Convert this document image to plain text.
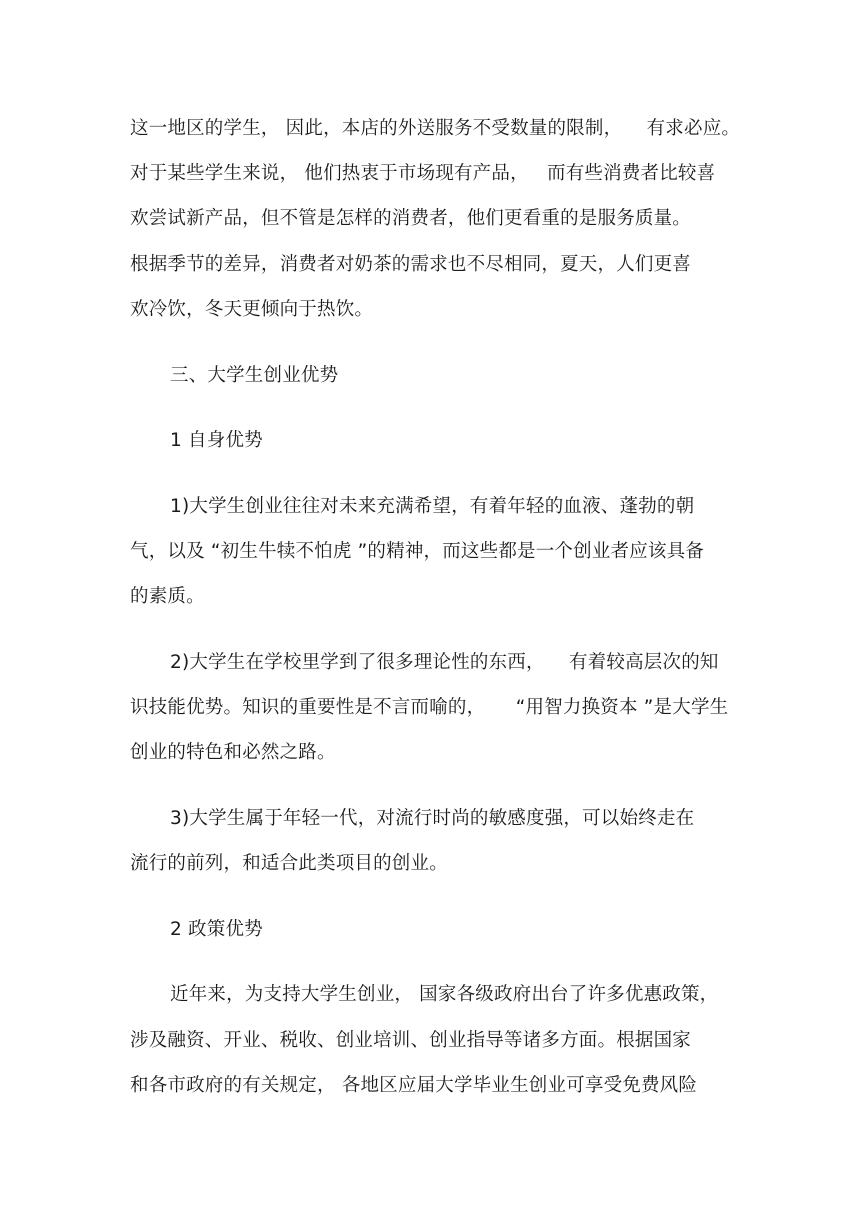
这一地区的学生， 因此，本店的外送服务不受数量的限制，    有求必应。
对于某些学生来说， 他们热衷于市场现有产品，   而有些消费者比较喜
欢尝试新产品，但不管是怎样的消费者，他们更看重的是服务质量。
根据季节的差异，消费者对奶茶的需求也不尽相同，夏天，人们更喜
欢冷饮，冬天更倾向于热饮。
三、大学生创业优势
1 自身优势
1)大学生创业往往对未来充满希望，有着年轻的血液、蓬勃的朝
气，以及 “初生牛犊不怕虎 ”的精神，而这些都是一个创业者应该具备
的素质。
2)大学生在学校里学到了很多理论性的东西，    有着较高层次的知
识技能优势。知识的重要性是不言而喻的，     “用智力换资本 ”是大学生
创业的特色和必然之路。
3)大学生属于年轻一代，对流行时尚的敏感度强，可以始终走在
流行的前列，和适合此类项目的创业。
2 政策优势
近年来，为支持大学生创业， 国家各级政府出台了许多优惠政策，
涉及融资、开业、税收、创业培训、创业指导等诸多方面。根据国家
和各市政府的有关规定， 各地区应届大学毕业生创业可享受免费风险
